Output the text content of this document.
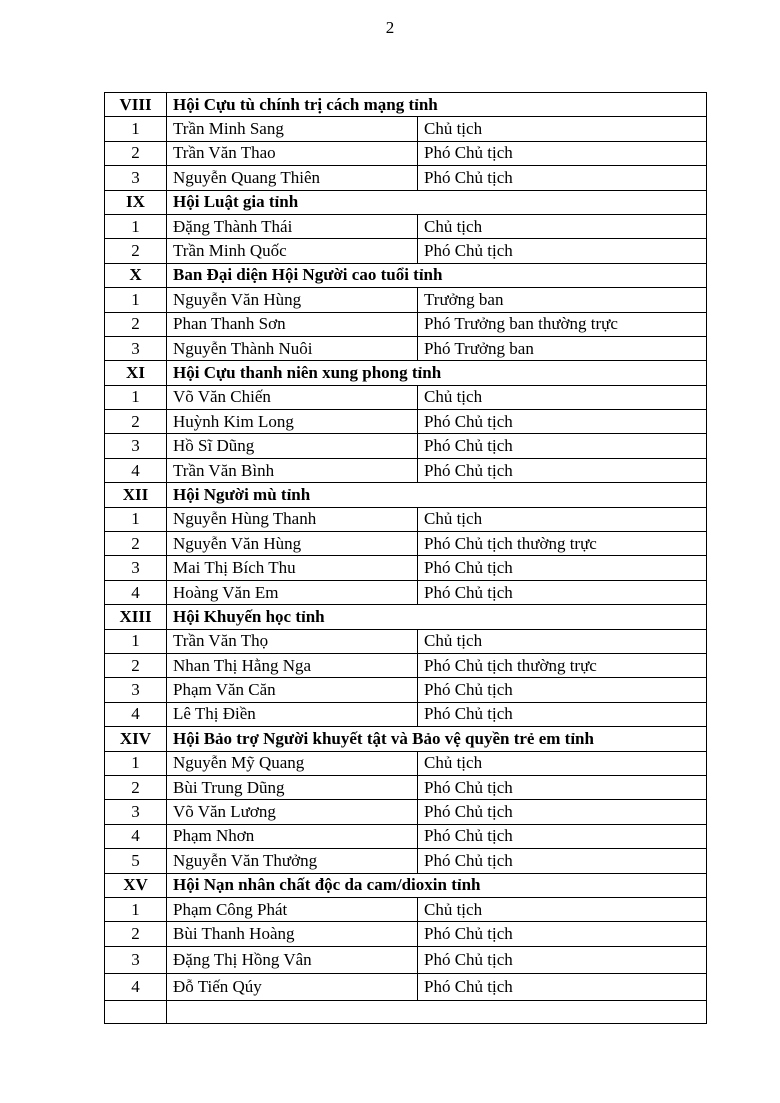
2
VIII	Hội Cựu tù chính trị cách mạng tỉnh	
1	Trần Minh Sang	Chủ tịch
2	Trần Văn Thao	Phó Chủ tịch
3	Nguyễn Quang Thiên	Phó Chủ tịch
IX	Hội Luật gia tỉnh	
1	Đặng Thành Thái	Chủ tịch
2	Trần Minh Quốc	Phó Chủ tịch
X	Ban Đại diện Hội Người cao tuổi tỉnh	
1	Nguyễn Văn Hùng	Trưởng ban
2	Phan Thanh Sơn	Phó Trưởng ban thường trực
3	Nguyễn Thành Nuôi	Phó Trưởng ban
XI	Hội Cựu thanh niên xung phong tỉnh	
1	Võ Văn Chiến	Chủ tịch
2	Huỳnh Kim Long	Phó Chủ tịch
3	Hồ Sĩ Dũng	Phó Chủ tịch
4	Trần Văn Bình	Phó Chủ tịch
XII	Hội Người mù tỉnh	
1	Nguyễn Hùng Thanh	Chủ tịch
2	Nguyễn Văn Hùng	Phó Chủ tịch thường trực
3	Mai Thị Bích Thu	Phó Chủ tịch
4	Hoàng Văn Em	Phó Chủ tịch
XIII	Hội Khuyến học tỉnh	
1	Trần Văn Thọ	Chủ tịch
2	Nhan Thị Hằng Nga	Phó Chủ tịch thường trực
3	Phạm Văn Căn	Phó Chủ tịch
4	Lê Thị Điền	Phó Chủ tịch
XIV	Hội Bảo trợ Người khuyết tật và Bảo vệ quyền trẻ em tỉnh	
1	Nguyễn Mỹ Quang	Chủ tịch
2	Bùi Trung Dũng	Phó Chủ tịch
3	Võ Văn Lương	Phó Chủ tịch
4	Phạm Nhơn	Phó Chủ tịch
5	Nguyễn Văn Thưởng	Phó Chủ tịch
XV	Hội Nạn nhân chất độc da cam/dioxin tỉnh	
1	Phạm Công Phát	Chủ tịch
2	Bùi Thanh Hoàng	Phó Chủ tịch
3	Đặng Thị Hồng Vân	Phó Chủ tịch
4	Đỗ Tiến Qúy	Phó Chủ tịch
